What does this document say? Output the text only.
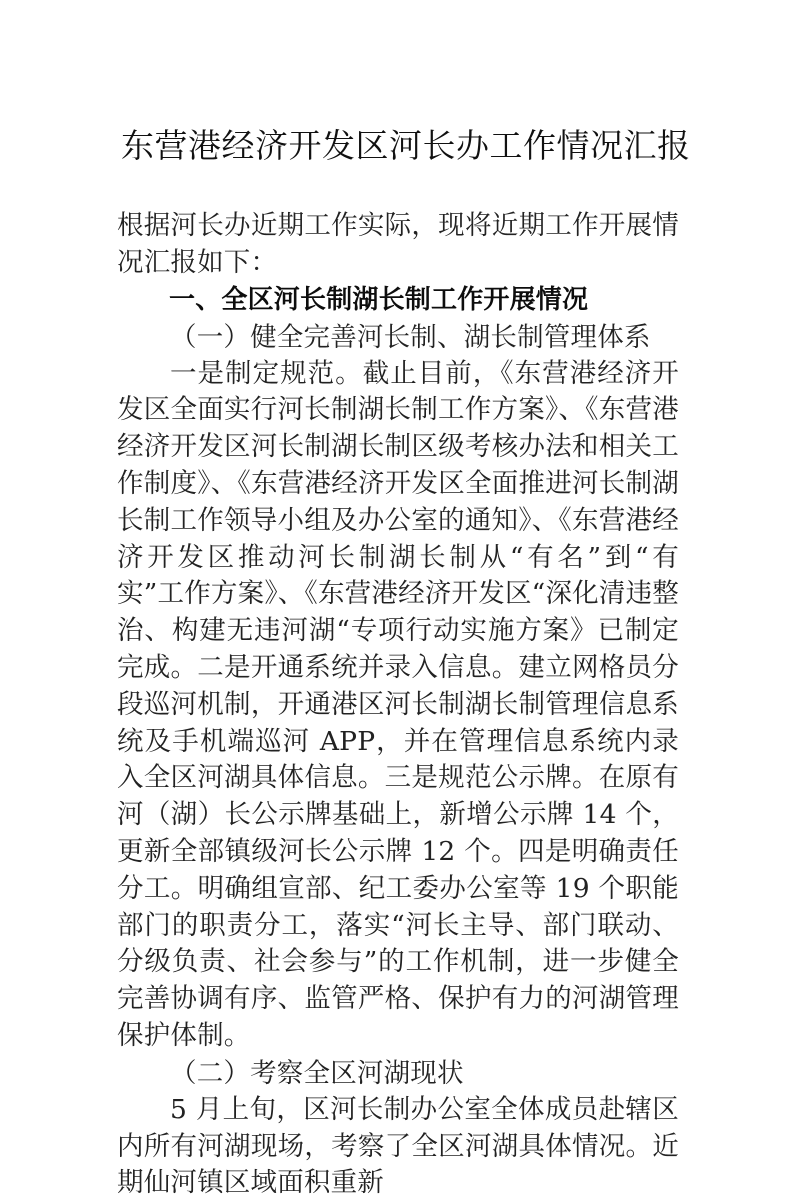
东营港经济开发区河长办工作情况汇报

根据河长办近期工作实际，现将近期工作开展情况汇报如下：

一、全区河长制湖长制工作开展情况

（一）健全完善河长制、湖长制管理体系

一是制定规范。截止目前，《东营港经济开发区全面实行河长制湖长制工作方案》、《东营港经济开发区河长制湖长制区级考核办法和相关工作制度》、《东营港经济开发区全面推进河长制湖长制工作领导小组及办公室的通知》、《东营港经济开发区推动河长制湖长制从“有名”到“有实”工作方案》、《东营港经济开发区“深化清违整治、构建无违河湖“专项行动实施方案》已制定完成。二是开通系统并录入信息。建立网格员分段巡河机制，开通港区河长制湖长制管理信息系统及手机端巡河 APP，并在管理信息系统内录入全区河湖具体信息。三是规范公示牌。在原有河（湖）长公示牌基础上，新增公示牌 14 个，更新全部镇级河长公示牌 12 个。四是明确责任分工。明确组宣部、纪工委办公室等 19 个职能部门的职责分工，落实“河长主导、部门联动、分级负责、社会参与”的工作机制，进一步健全完善协调有序、监管严格、保护有力的河湖管理保护体制。

（二）考察全区河湖现状

5 月上旬，区河长制办公室全体成员赴辖区内所有河湖现场，考察了全区河湖具体情况。近期仙河镇区域面积重新
